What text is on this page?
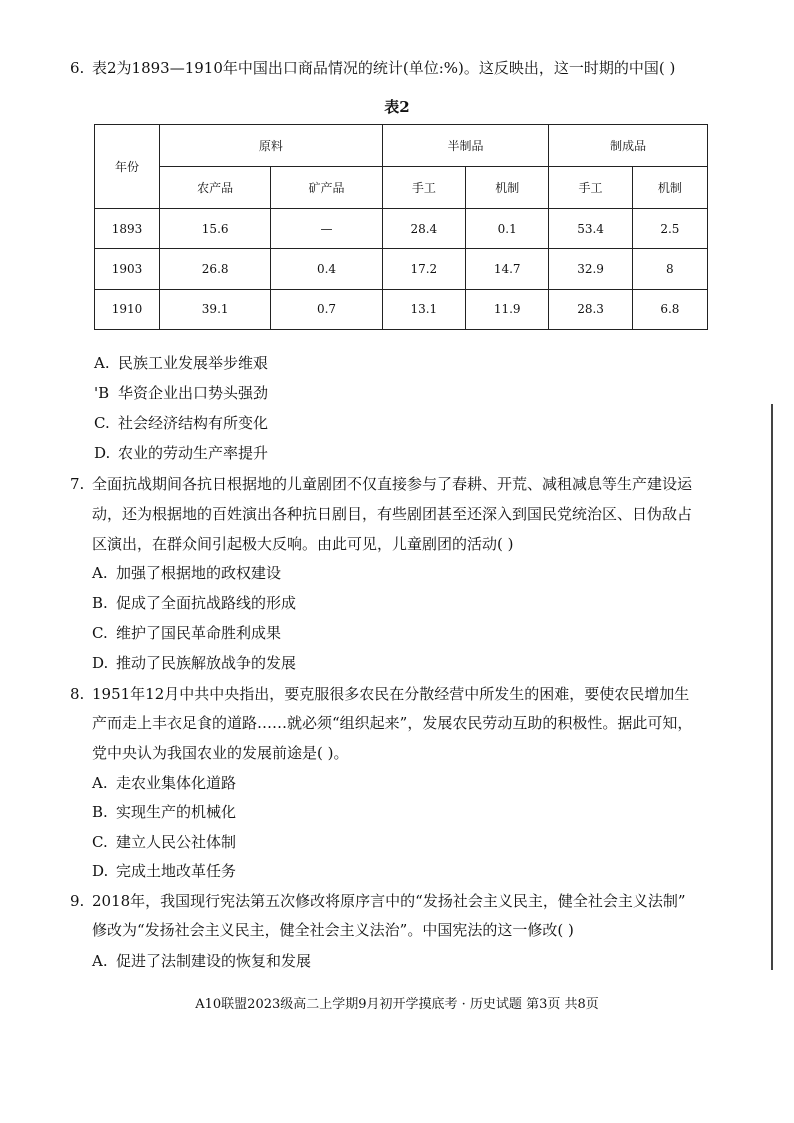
6. 表2为1893—1910年中国出口商品情况的统计(单位:%)。这反映出，这一时期的中国( )
表2
年份	原料		半制品		制成品	
	农产品	矿产品	手工	机制	手工	机制
1893	15.6	—	28.4	0.1	53.4	2.5
1903	26.8	0.4	17.2	14.7	32.9	8
1910	39.1	0.7	13.1	11.9	28.3	6.8
A. 民族工业发展举步维艰
'B 华资企业出口势头强劲
C. 社会经济结构有所变化
D. 农业的劳动生产率提升
7. 全面抗战期间各抗日根据地的儿童剧团不仅直接参与了春耕、开荒、减租减息等生产建设运
动，还为根据地的百姓演出各种抗日剧目，有些剧团甚至还深入到国民党统治区、日伪敌占
区演出，在群众间引起极大反响。由此可见，儿童剧团的活动( )
A. 加强了根据地的政权建设
B. 促成了全面抗战路线的形成
C. 维护了国民革命胜利成果
D. 推动了民族解放战争的发展
8. 1951年12月中共中央指出，要克服很多农民在分散经营中所发生的困难，要使农民增加生
产而走上丰衣足食的道路……就必须“组织起来”，发展农民劳动互助的积极性。据此可知，
党中央认为我国农业的发展前途是( )。
A. 走农业集体化道路
B. 实现生产的机械化
C. 建立人民公社体制
D. 完成土地改革任务
9. 2018年，我国现行宪法第五次修改将原序言中的“发扬社会主义民主，健全社会主义法制”
修改为“发扬社会主义民主，健全社会主义法治”。中国宪法的这一修改( )
A. 促进了法制建设的恢复和发展
A10联盟2023级高二上学期9月初开学摸底考 · 历史试题 第3页 共8页
